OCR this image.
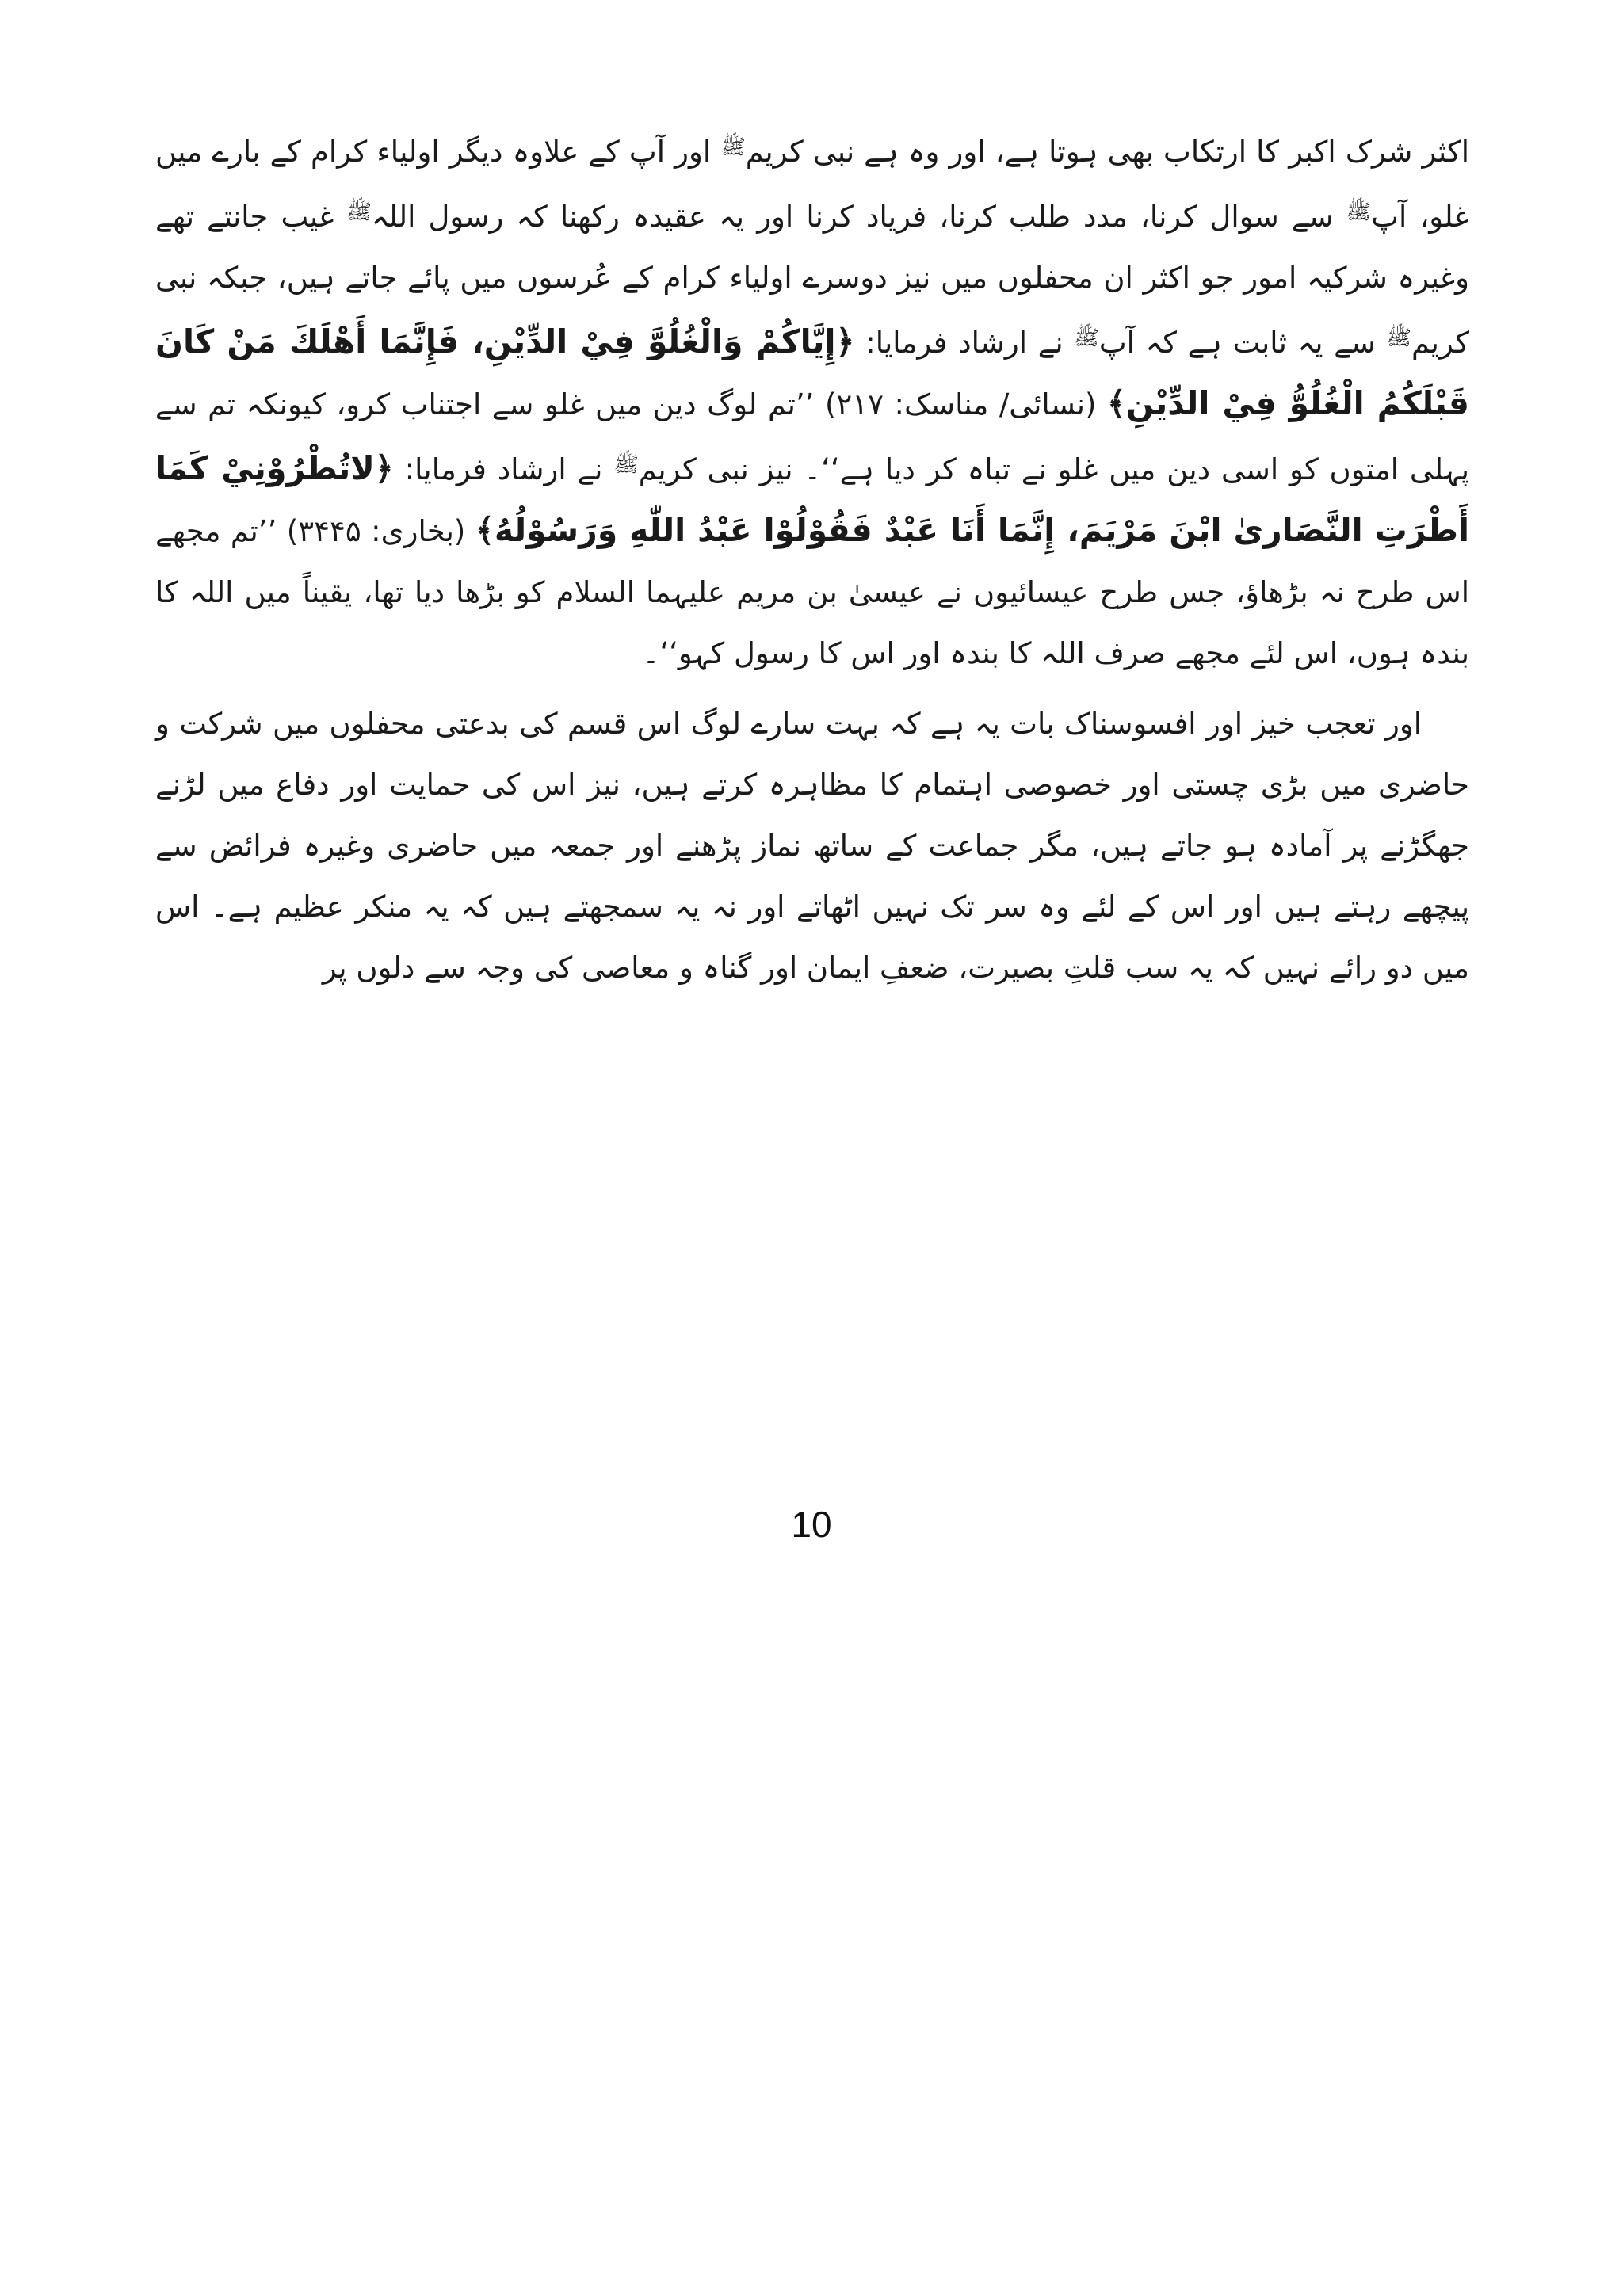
اکثر شرک اکبر کا ارتکاب بھی ہوتا ہے، اور وہ ہے نبی کریم$^ﷺ$ اور آپ کے علاوہ دیگر اولیاء کرام کے بارے میں غلو، آپ$^ﷺ$ سے سوال کرنا، مدد طلب کرنا، فریاد کرنا اور یہ عقیدہ رکھنا کہ رسول اللہ$^ﷺ$ غیب جانتے تھے وغیرہ شرکیہ امور جو اکثر ان محفلوں میں نیز دوسرے اولیاء کرام کے عُرسوں میں پائے جاتے ہیں، جبکہ نبی کریم$^ﷺ$ سے یہ ثابت ہے کہ آپ$^ﷺ$ نے ارشاد فرمایا: ﴿إِيَّاكُمْ وَالْغُلُوَّ فِيْ الدِّيْنِ، فَإِنَّمَا أَهْلَكَ مَنْ كَانَ قَبْلَكُمُ الْغُلُوُّ فِيْ الدِّيْنِ﴾ (نسائی/ مناسک: ۲۱۷) ’’تم لوگ دین میں غلو سے اجتناب کرو، کیونکہ تم سے پہلی امتوں کو اسی دین میں غلو نے تباہ کر دیا ہے‘‘۔ نیز نبی کریم$^ﷺ$ نے ارشاد فرمایا: ﴿لاتُطْرُوْنِيْ كَمَا أَطْرَتِ النَّصَارىٰ ابْنَ مَرْيَمَ، إِنَّمَا أَنَا عَبْدٌ فَقُوْلُوْا عَبْدُ اللّٰهِ وَرَسُوْلُهُ﴾ (بخاری: ۳۴۴۵) ’’تم مجھے اس طرح نہ بڑھاؤ، جس طرح عیسائیوں نے عیسیٰ بن مریم علیہما السلام کو بڑھا دیا تھا، یقیناً میں اللہ کا بندہ ہوں، اس لئے مجھے صرف اللہ کا بندہ اور اس کا رسول کہو‘‘۔

اور تعجب خیز اور افسوسناک بات یہ ہے کہ بہت سارے لوگ اس قسم کی بدعتی محفلوں میں شرکت و حاضری میں بڑی چستی اور خصوصی اہتمام کا مظاہرہ کرتے ہیں، نیز اس کی حمایت اور دفاع میں لڑنے جھگڑنے پر آمادہ ہو جاتے ہیں، مگر جماعت کے ساتھ نماز پڑھنے اور جمعہ میں حاضری وغیرہ فرائض سے پیچھے رہتے ہیں اور اس کے لئے وہ سر تک نہیں اٹھاتے اور نہ یہ سمجھتے ہیں کہ یہ منکر عظیم ہے۔ اس میں دو رائے نہیں کہ یہ سب قلتِ بصیرت، ضعفِ ایمان اور گناہ و معاصی کی وجہ سے دلوں پر

10
